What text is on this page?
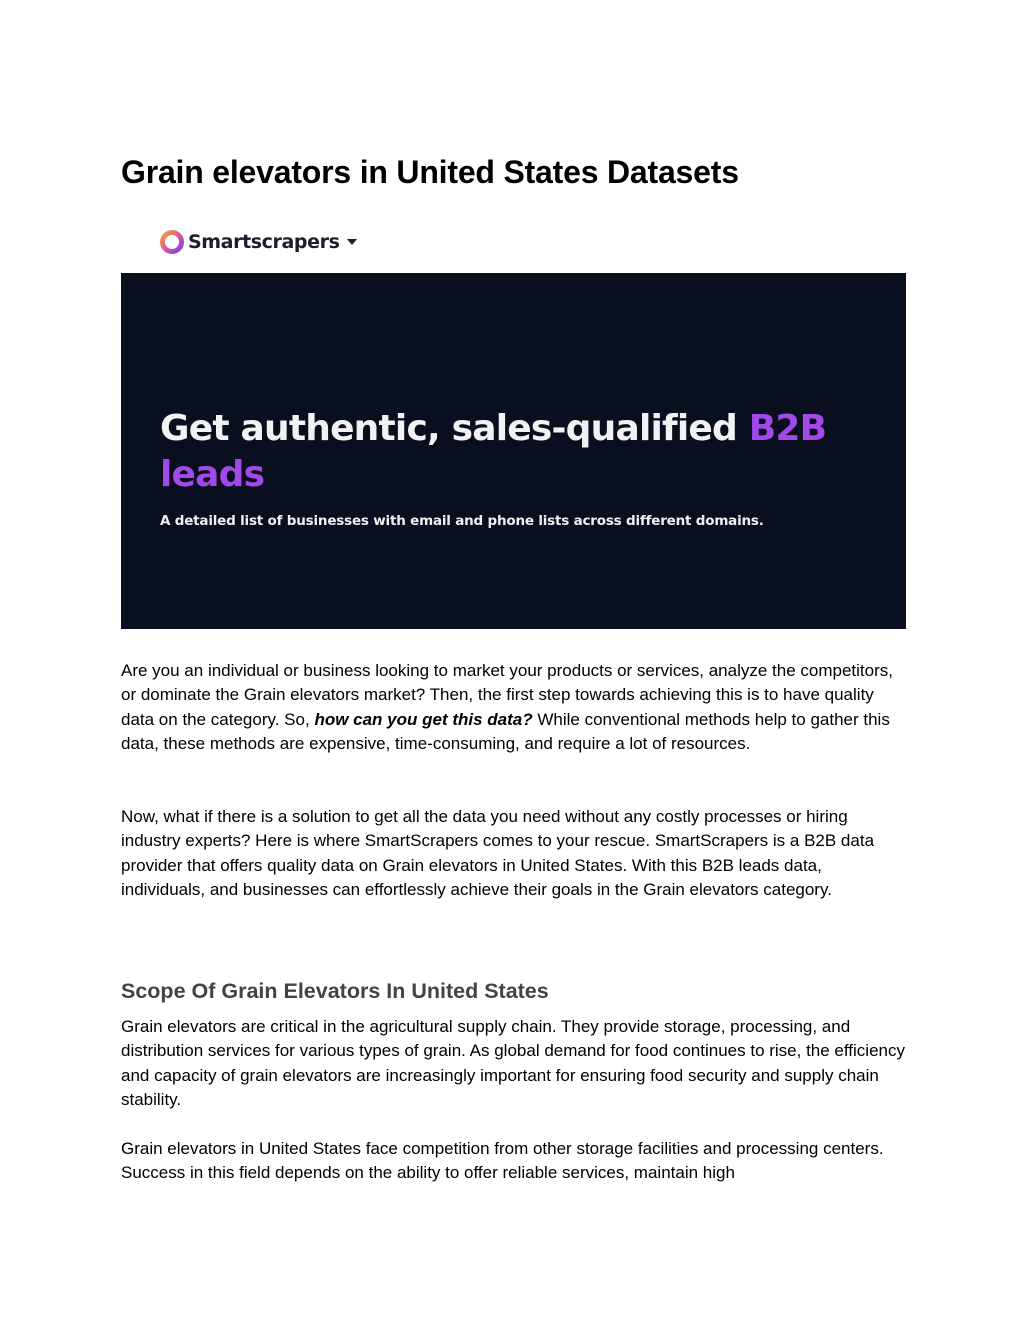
Grain elevators in United States Datasets
Smartscrapers

Get authentic, sales-qualified B2B leads

A detailed list of businesses with email and phone lists across different domains.

Are you an individual or business looking to market your products or services, analyze the competitors, or dominate the Grain elevators market? Then, the first step towards achieving this is to have quality data on the category. So, how can you get this data? While conventional methods help to gather this data, these methods are expensive, time-consuming, and require a lot of resources.

Now, what if there is a solution to get all the data you need without any costly processes or hiring industry experts? Here is where SmartScrapers comes to your rescue. SmartScrapers is a B2B data provider that offers quality data on Grain elevators in United States. With this B2B leads data, individuals, and businesses can effortlessly achieve their goals in the Grain elevators category.

Scope Of Grain Elevators In United States

Grain elevators are critical in the agricultural supply chain. They provide storage, processing, and distribution services for various types of grain. As global demand for food continues to rise, the efficiency and capacity of grain elevators are increasingly important for ensuring food security and supply chain stability.

Grain elevators in United States face competition from other storage facilities and processing centers. Success in this field depends on the ability to offer reliable services, maintain high
